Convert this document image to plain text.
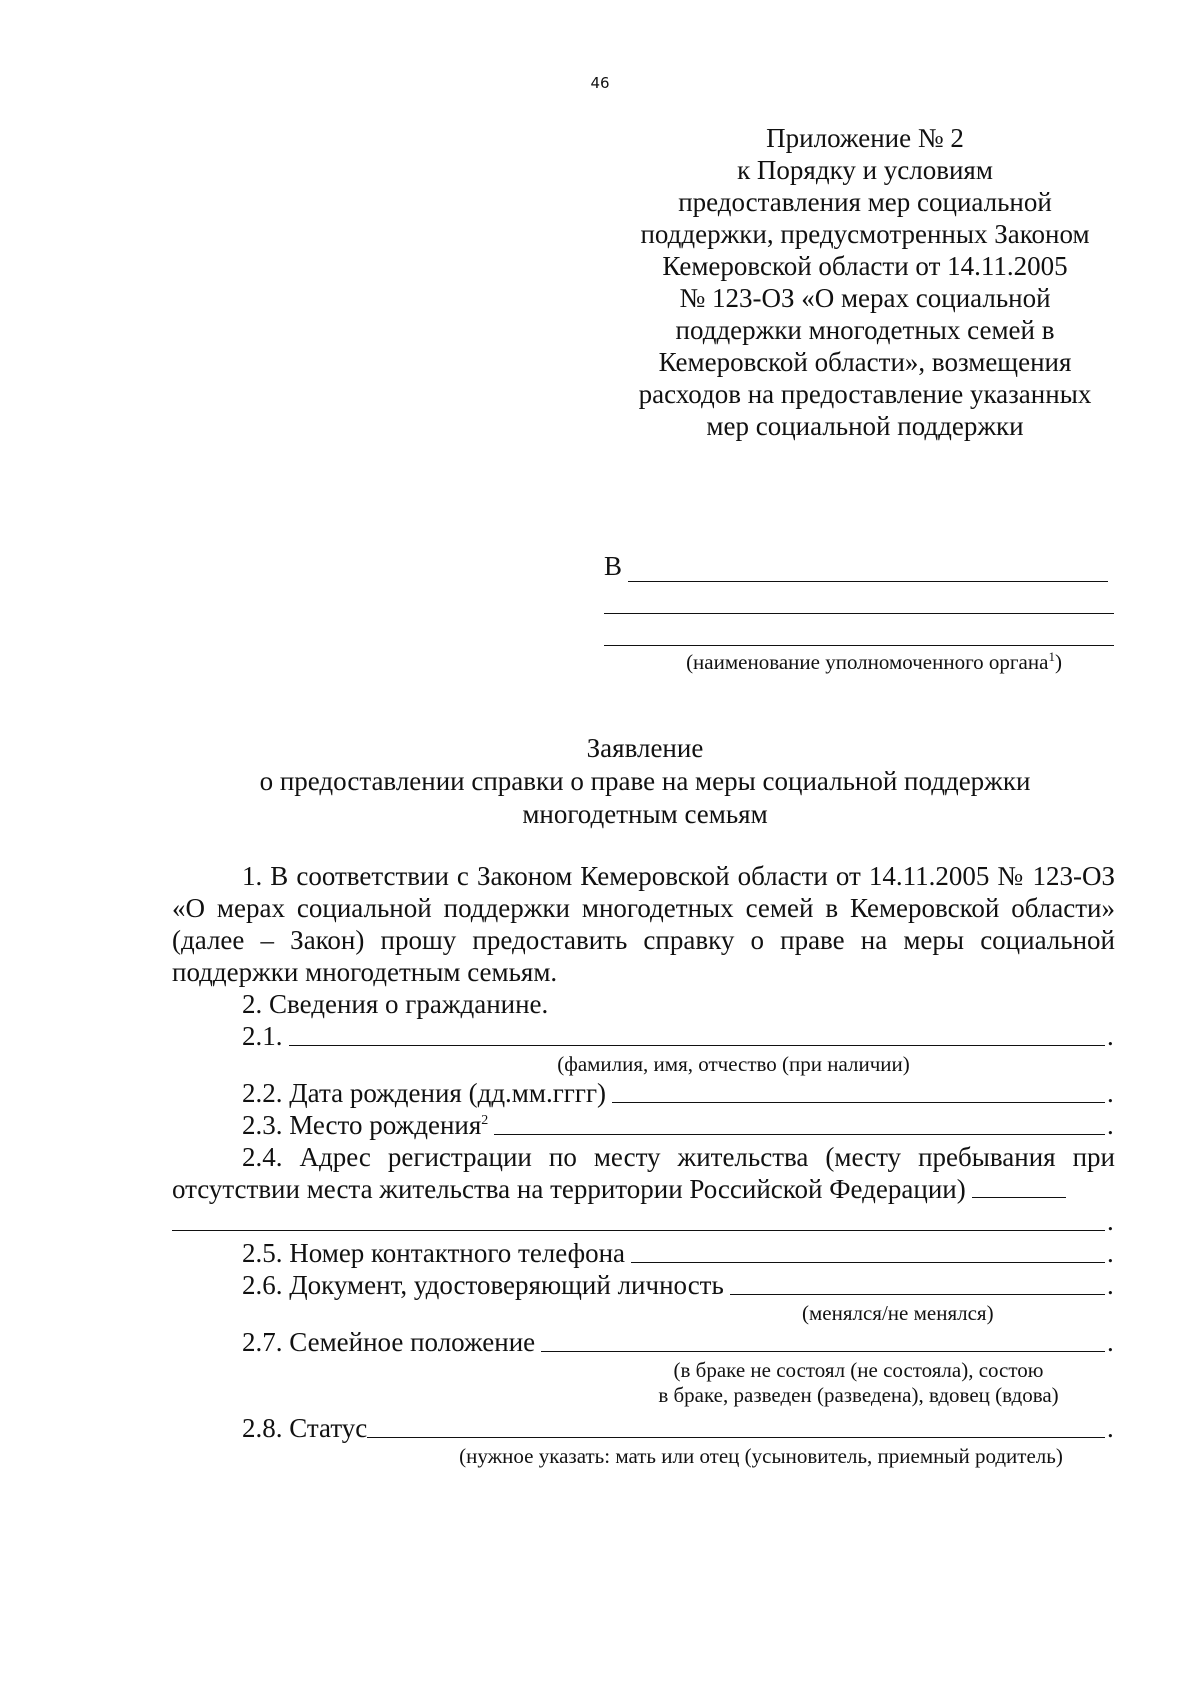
46
Приложение № 2
к Порядку и условиям
предоставления мер социальной
поддержки, предусмотренных Законом
Кемеровской области от 14.11.2005
№ 123-ОЗ «О мерах социальной
поддержки многодетных семей в
Кемеровской области», возмещения
расходов на предоставление указанных
мер социальной поддержки
В
(наименование уполномоченного органа$^1$)
Заявление
о предоставлении справки о праве на меры социальной поддержки
многодетным семьям
1. В соответствии с Законом Кемеровской области от 14.11.2005 № 123-ОЗ «О мерах социальной поддержки многодетных семей в Кемеровской области» (далее – Закон) прошу предоставить справку о праве на меры социальной поддержки многодетным семьям.
2. Сведения о гражданине.
2.1.	.
(фамилия, имя, отчество (при наличии)
2.2. Дата рождения (дд.мм.гггг)	.
2.3. Место рождения$^2$	.
2.4. Адрес регистрации по месту жительства (месту пребывания при отсутствии места жительства на территории Российской Федерации)
.
2.5. Номер контактного телефона	.
2.6. Документ, удостоверяющий личность	.
(менялся/не менялся)
2.7. Семейное положение	.
(в браке не состоял (не состояла), состою
в браке, разведен (разведена), вдовец (вдова)
2.8. Статус	.
(нужное указать: мать или отец (усыновитель, приемный родитель)
